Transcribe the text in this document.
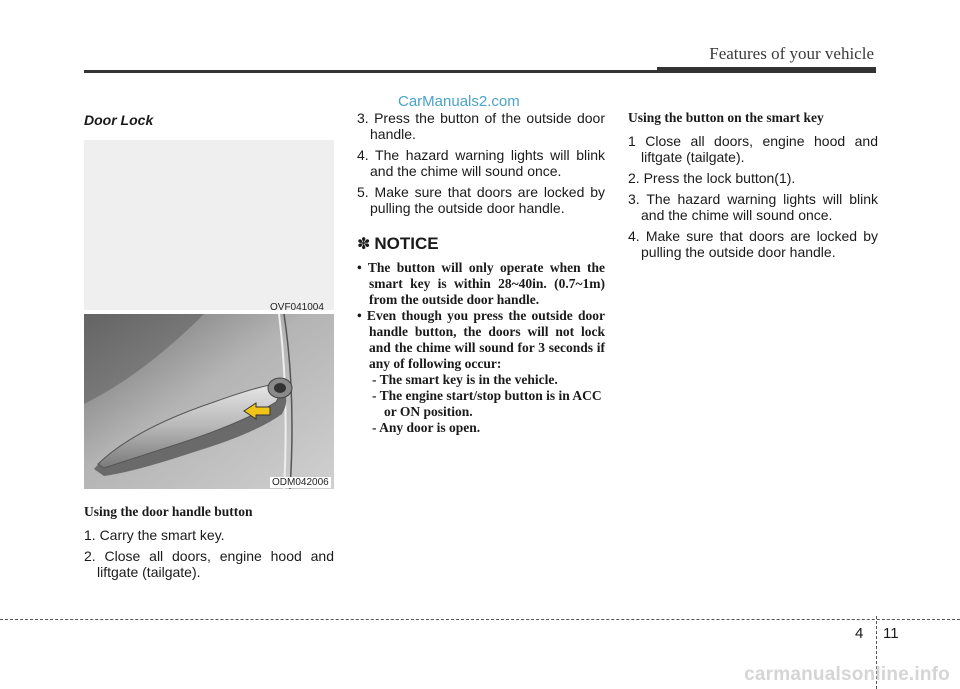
Features of your vehicle
CarManuals2.com
Door Lock
OVF041004
ODM042006
Using the door handle button

1. Carry the smart key.

2. Close all doors, engine hood and liftgate (tailgate).

3. Press the button of the outside door handle.

4. The hazard warning lights will blink and the chime will sound once.

5. Make sure that doors are locked by pulling the outside door handle.

✽ NOTICE

• The button will only operate when the smart key is within 28~40in. (0.7~1m) from the outside door handle.

• Even though you press the outside door handle button, the doors will not lock and the chime will sound for 3 seconds if any of following occur:

- The smart key is in the vehicle.

- The engine start/stop button is in ACC or ON position.

- Any door is open.

Using the button on the smart key

1 Close all doors, engine hood and liftgate (tailgate).

2. Press the lock button(1).

3. The hazard warning lights will blink and the chime will sound once.

4. Make sure that doors are locked by pulling the outside door handle.

4 11
carmanualsonline.info
